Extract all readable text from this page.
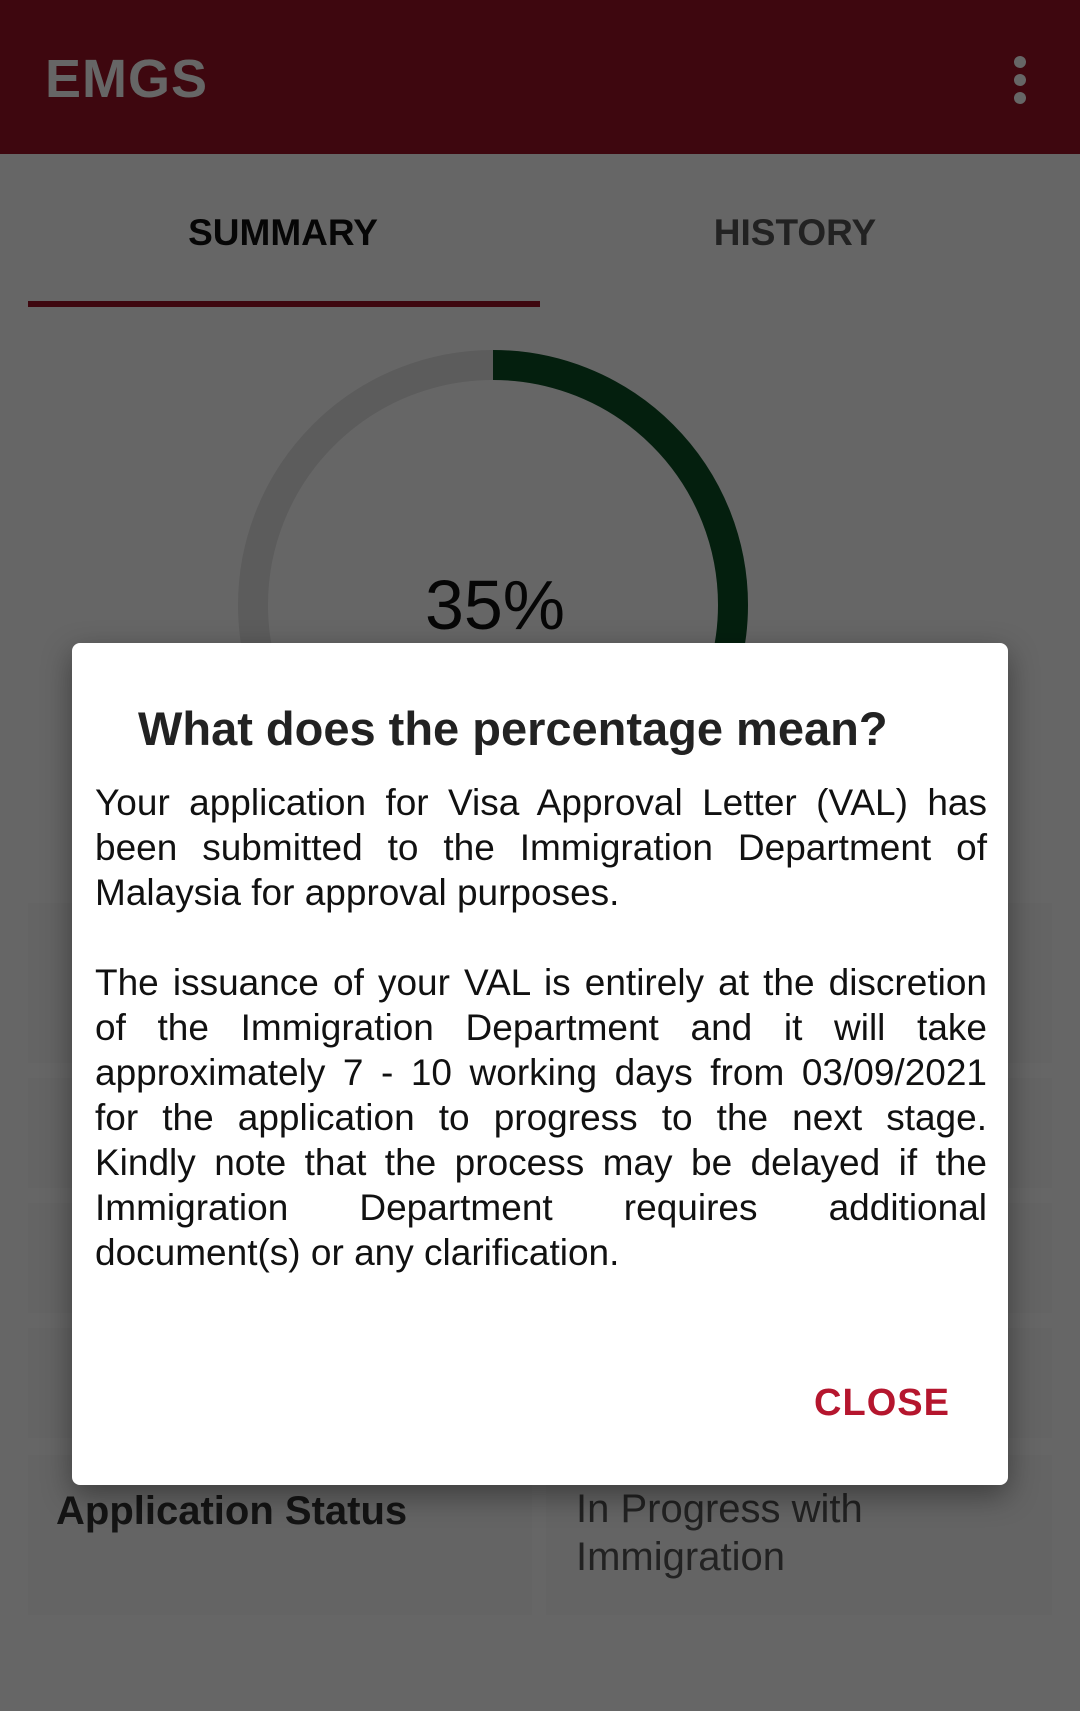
What does the percentage mean?

Your application for Visa Approval Letter (VAL) has been submitted to the Immigration Department of Malaysia for approval purposes.

The issuance of your VAL is entirely at the discretion of the Immigration Department and it will take approximately 7 - 10 working days from 03/09/2021 for the application to progress to the next stage. Kindly note that the process may be delayed if the Immigration Department requires additional document(s) or any clarification.

CLOSE
